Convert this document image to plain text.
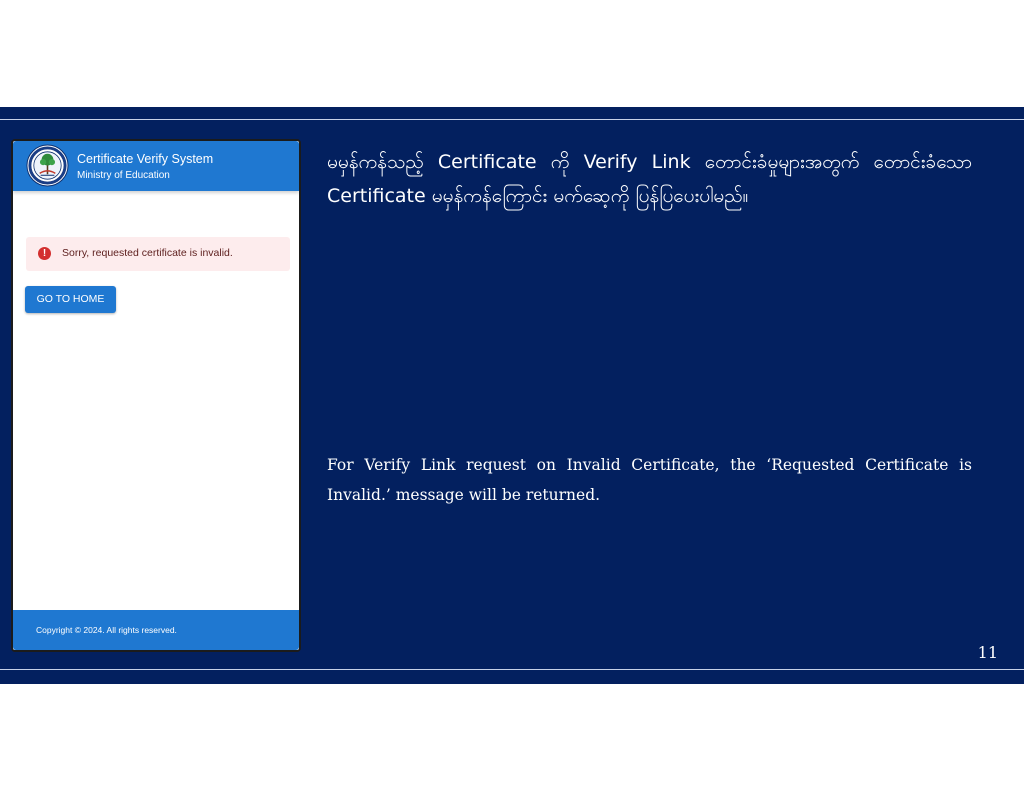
Certificate Verify System
Ministry of Education
!	Sorry, requested certificate is invalid.
GO TO HOME
Copyright © 2024. All rights reserved.
မမှန်ကန်သည့် Certificate ကို Verify Link တောင်းခံမှုများအတွက် တောင်းခံသော Certificate မမှန်ကန်ကြောင်း မက်ဆေ့ကို ပြန်ပြပေးပါမည်။
For Verify Link request on Invalid Certificate, the ‘Requested Certificate is Invalid.’ message will be returned.
11
